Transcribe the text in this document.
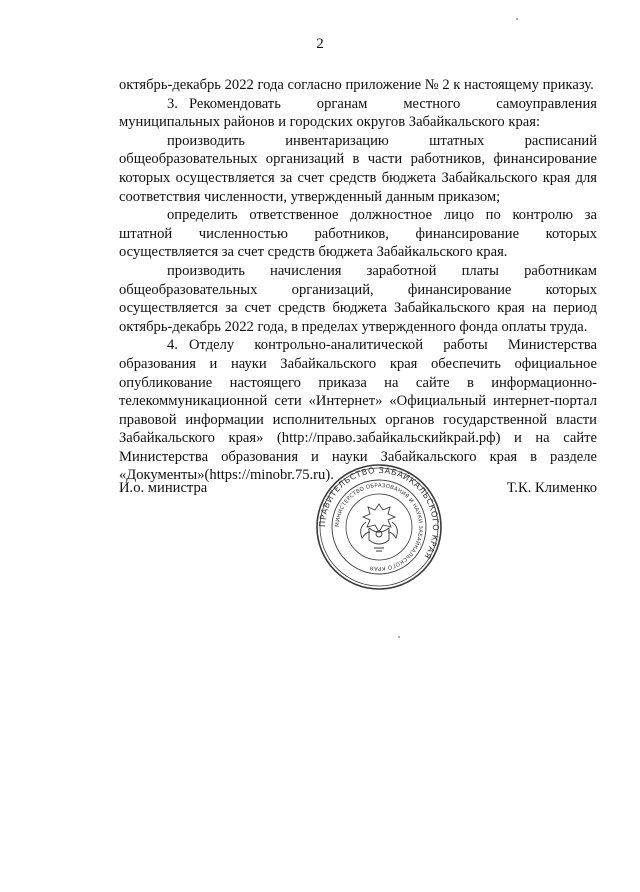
2

октябрь-декабрь 2022 года согласно приложение № 2 к настоящему приказу.

3. Рекомендовать органам местного самоуправления муниципальных районов и городских округов Забайкальского края:

производить инвентаризацию штатных расписаний общеобразовательных организаций в части работников, финансирование которых осуществляется за счет средств бюджета Забайкальского края для соответствия численности, утвержденный данным приказом;

определить ответственное должностное лицо по контролю за штатной численностью работников, финансирование которых осуществляется за счет средств бюджета Забайкальского края.

производить начисления заработной платы работникам общеобразовательных организаций, финансирование которых осуществляется за счет средств бюджета Забайкальского края на период октябрь-декабрь 2022 года, в пределах утвержденного фонда оплаты труда.

4. Отделу контрольно-аналитической работы Министерства образования и науки Забайкальского края обеспечить официальное опубликование настоящего приказа на сайте в информационно-телекоммуникационной сети «Интернет» «Официальный интернет-портал правовой информации исполнительных органов государственной власти Забайкальского края» (http://право.забайкальскийкрай.рф) и на сайте Министерства образования и науки Забайкальского края в разделе «Документы»(https://minobr.75.ru).

И.о. министра	Т.К. Клименко
ПРАВИТЕЛЬСТВО ЗАБАЙКАЛЬСКОГО КРАЯ
МИНИСТЕРСТВО ОБРАЗОВАНИЯ И НАУКИ ЗАБАЙКАЛЬСКОГО КРАЯ
